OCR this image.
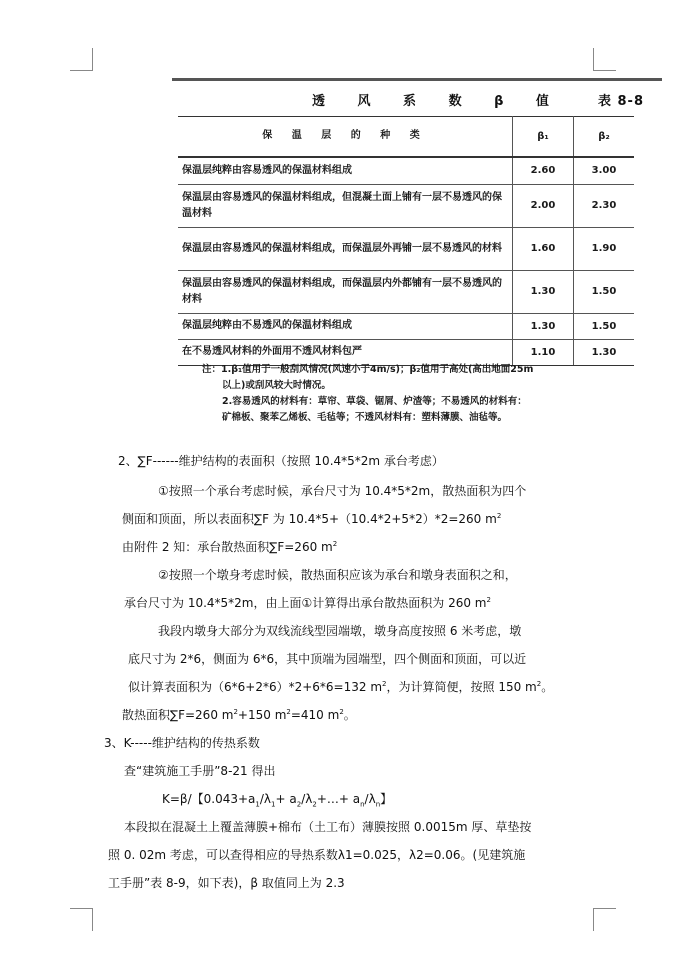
透 风 系 数 β 值	表 8-8
保 温 层 的 种 类	β₁	β₂
保温层纯粹由容易透风的保温材料组成	2.60	3.00
保温层由容易透风的保温材料组成，但混凝土面上铺有一层不易透风的保温材料	2.00	2.30
保温层由容易透风的保温材料组成，而保温层外再铺一层不易透风的材料	1.60	1.90
保温层由容易透风的保温材料组成，而保温层内外都铺有一层不易透风的材料	1.30	1.50
保温层纯粹由不易透风的保温材料组成	1.30	1.50
在不易透风材料的外面用不透风材料包严	1.10	1.30
注：1.β₁值用于一般刮风情况(风速小于4m/s)；β₂值用于高处(高出地面25m
以上)或刮风较大时情况。
2.容易透风的材料有：草帘、草袋、锯屑、炉渣等；不易透风的材料有：
矿棉板、聚苯乙烯板、毛毡等；不透风材料有：塑料薄膜、油毡等。
2、∑F------维护结构的表面积（按照 10.4*5*2m 承台考虑）
①按照一个承台考虑时候，承台尺寸为 10.4*5*2m，散热面积为四个
侧面和顶面，所以表面积∑F 为 10.4*5+（10.4*2+5*2）*2=260 $m^2$
由附件 2 知：承台散热面积∑F=260 $m^2$
②按照一个墩身考虑时候，散热面积应该为承台和墩身表面积之和，
承台尺寸为 10.4*5*2m，由上面①计算得出承台散热面积为 260 $m^2$
我段内墩身大部分为双线流线型园端墩，墩身高度按照 6 米考虑，墩
底尺寸为 2*6，侧面为 6*6，其中顶端为园端型，四个侧面和顶面，可以近
似计算表面积为（6*6+2*6）*2+6*6=132 $m^2$，为计算简便，按照 150 $m^2$。
散热面积∑F=260 $m^2+150$ $m^2=410$ $m^2$。
3、K-----维护结构的传热系数
查“建筑施工手册”8-21 得出
K=β/【$0.043+a_1/\lambda_1+$ $a_2/\lambda_2+\dots+ a_n/\lambda_n$】
本段拟在混凝土上覆盖薄膜+棉布（土工布）薄膜按照 0.0015m 厚、草垫按
照 0. 02m 考虑，可以查得相应的导热系数λ1=0.025，λ2=0.06。(见建筑施
工手册”表 8-9，如下表)，β 取值同上为 2.3
